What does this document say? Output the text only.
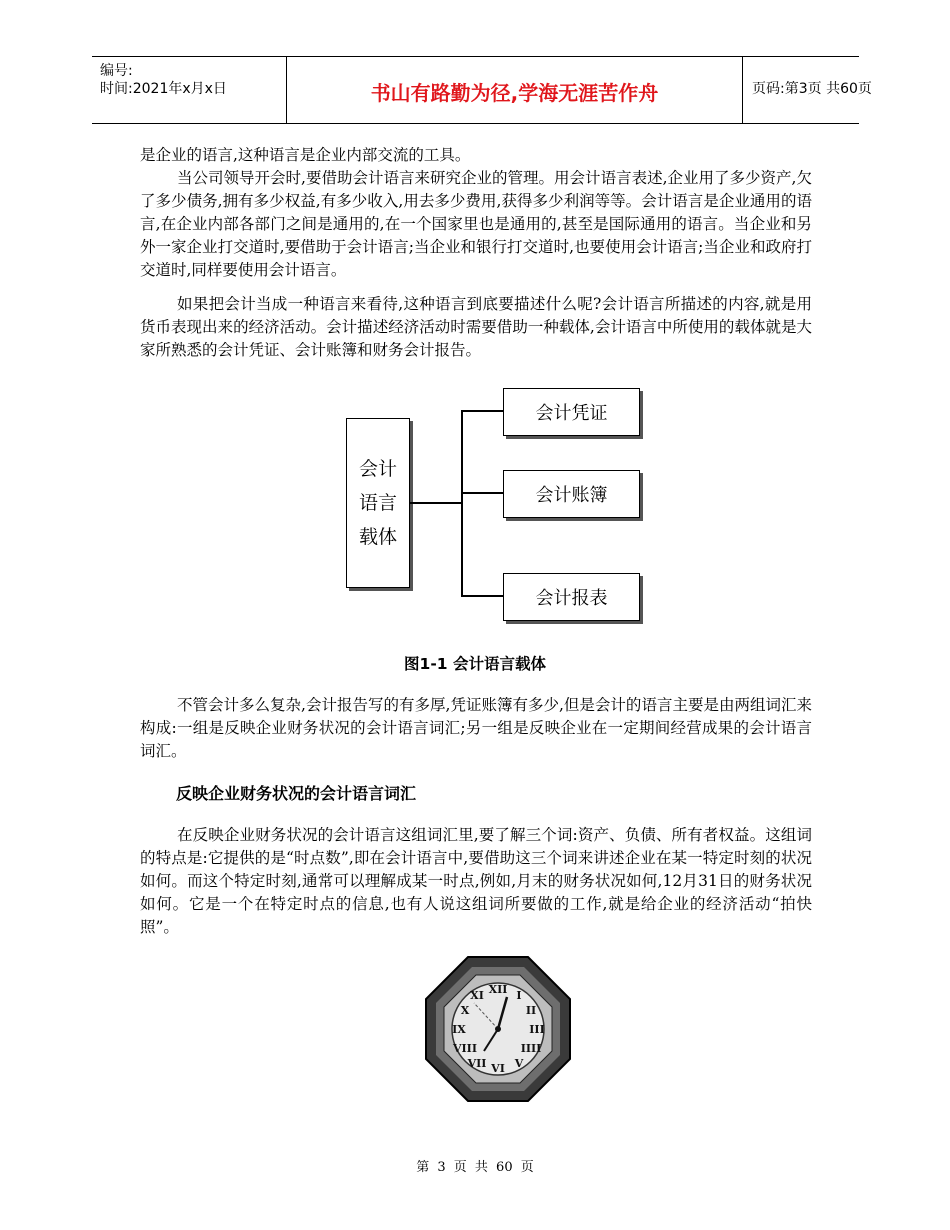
编号:
时间:2021年x月x日	书山有路勤为径,学海无涯苦作舟	页码:第3页 共60页
是企业的语言,这种语言是企业内部交流的工具。
当公司领导开会时,要借助会计语言来研究企业的管理。用会计语言表述,企业用了多少资产,欠了多少债务,拥有多少权益,有多少收入,用去多少费用,获得多少利润等等。会计语言是企业通用的语言,在企业内部各部门之间是通用的,在一个国家里也是通用的,甚至是国际通用的语言。当企业和另外一家企业打交道时,要借助于会计语言;当企业和银行打交道时,也要使用会计语言;当企业和政府打交道时,同样要使用会计语言。
如果把会计当成一种语言来看待,这种语言到底要描述什么呢?会计语言所描述的内容,就是用货币表现出来的经济活动。会计描述经济活动时需要借助一种载体,会计语言中所使用的载体就是大家所熟悉的会计凭证、会计账簿和财务会计报告。
会计
语言
载体
会计凭证
会计账簿
会计报表
图1-1 会计语言载体
不管会计多么复杂,会计报告写的有多厚,凭证账簿有多少,但是会计的语言主要是由两组词汇来构成:一组是反映企业财务状况的会计语言词汇;另一组是反映企业在一定期间经营成果的会计语言词汇。
反映企业财务状况的会计语言词汇
在反映企业财务状况的会计语言这组词汇里,要了解三个词:资产、负债、所有者权益。这组词的特点是:它提供的是“时点数”,即在会计语言中,要借助这三个词来讲述企业在某一特定时刻的状况如何。而这个特定时刻,通常可以理解成某一时点,例如,月末的财务状况如何,12月31日的财务状况如何。它是一个在特定时点的信息,也有人说这组词所要做的工作,就是给企业的经济活动“拍快照”。
XII I
II
III
IIII
V
VI
VII
VIII
IX
X
XI
第 3 页 共 60 页
